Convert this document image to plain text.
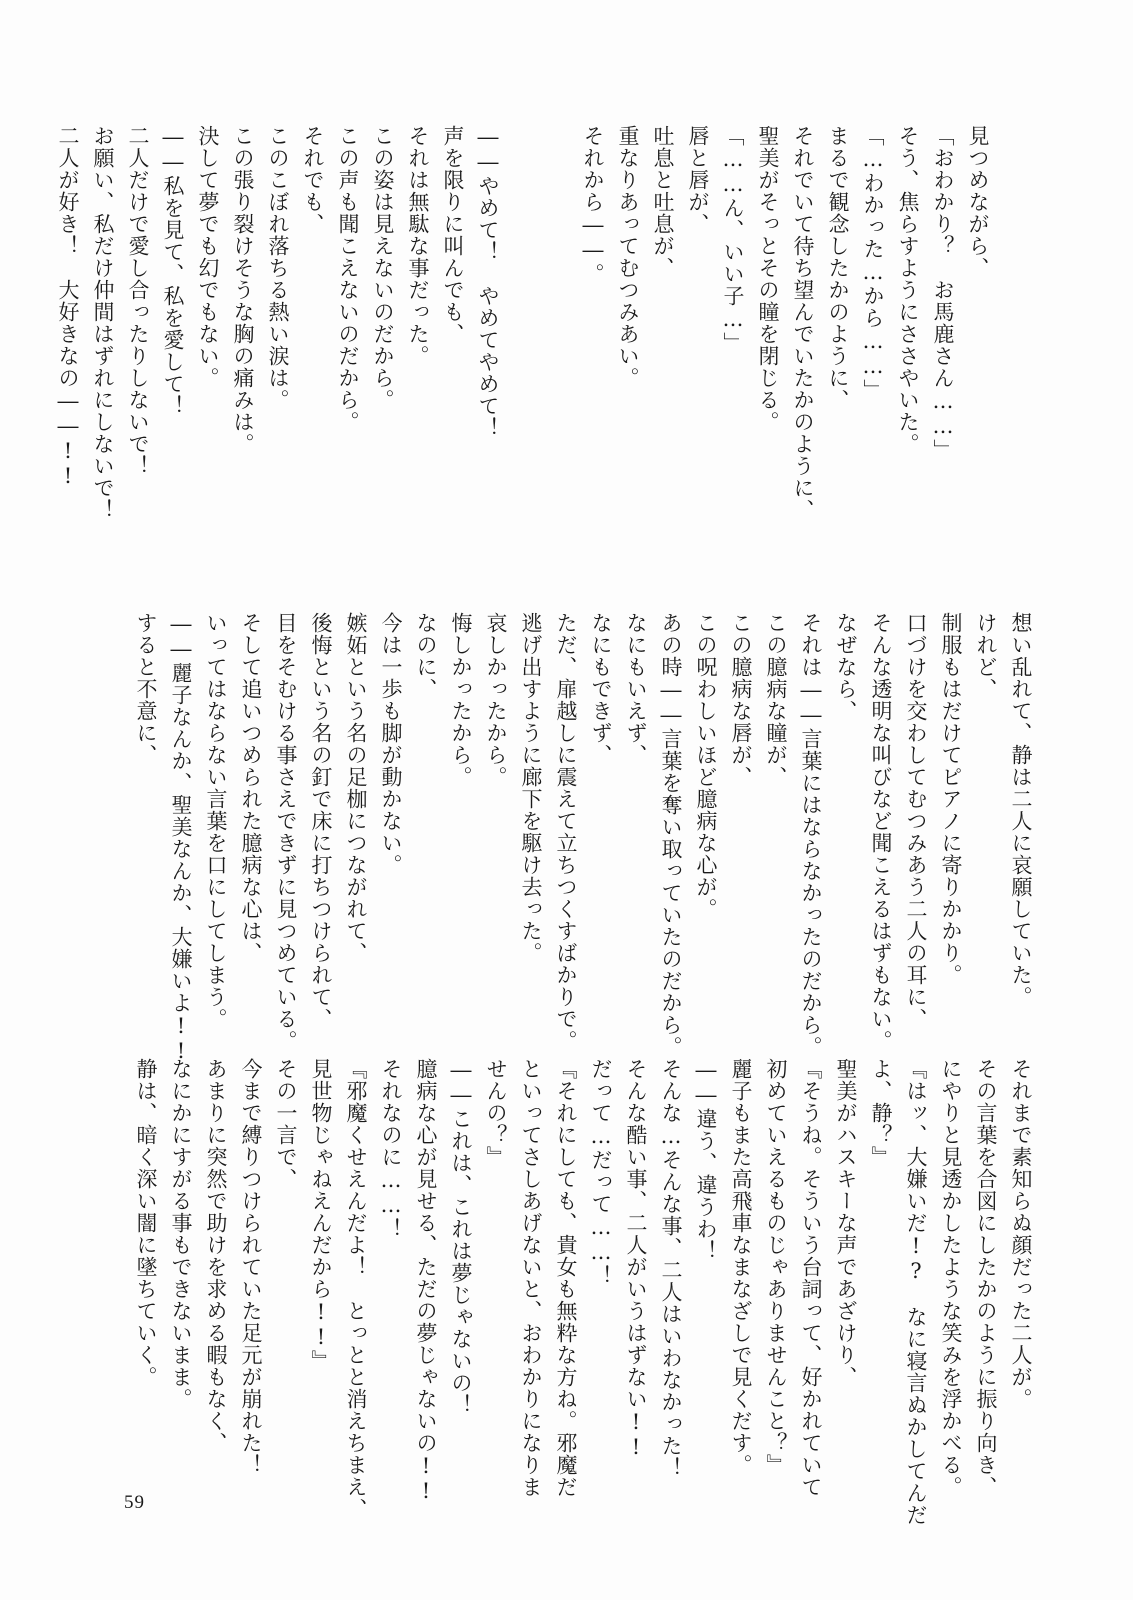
見つめながら、
「おわかり？　お馬鹿さん……」
そう、焦らすようにささやいた。
「…わかった…から……」
まるで観念したかのように、
それでいて待ち望んでいたかのように、
聖美がそっとその瞳を閉じる。
「……ん、いい子…」
唇と唇が、
吐息と吐息が、
重なりあってむつみあい。
それから――。
――やめて！　やめてやめて！
声を限りに叫んでも、
それは無駄な事だった。
この姿は見えないのだから。
この声も聞こえないのだから。
それでも、
このこぼれ落ちる熱い涙は。
この張り裂けそうな胸の痛みは。
決して夢でも幻でもない。
――私を見て、私を愛して！
二人だけで愛し合ったりしないで！
お願い、私だけ仲間はずれにしないで！
二人が好き！　大好きなの――!!
想い乱れて、静は二人に哀願していた。
けれど、
制服もはだけてピアノに寄りかかり。
口づけを交わしてむつみあう二人の耳に、
そんな透明な叫びなど聞こえるはずもない。
なぜなら、
それは――言葉にはならなかったのだから。
この臆病な瞳が、
この臆病な唇が、
この呪わしいほど臆病な心が。
あの時――言葉を奪い取っていたのだから。
なにもいえず、
なにもできず、
ただ、扉越しに震えて立ちつくすばかりで。
逃げ出すように廊下を駆け去った。
哀しかったから。
悔しかったから。
なのに、
今は一歩も脚が動かない。
嫉妬という名の足枷につながれて、
後悔という名の釘で床に打ちつけられて、
目をそむける事さえできずに見つめている。
そして追いつめられた臆病な心は、
いってはならない言葉を口にしてしまう。
――麗子なんか、聖美なんか、大嫌いよ!!
すると不意に、
それまで素知らぬ顔だった二人が。
その言葉を合図にしたかのように振り向き、
にやりと見透かしたような笑みを浮かべる。
『はッ、大嫌いだ!?　なに寝言ぬかしてんだ
よ、静？』
聖美がハスキーな声であざけり、
『そうね。そういう台詞って、好かれていて
初めていえるものじゃありませんこと？』
麗子もまた高飛車なまなざしで見くだす。
――違う、違うわ！
そんな…そんな事、二人はいわなかった！
そんな酷い事、二人がいうはずない!!
だって…だって……！
『それにしても、貴女も無粋な方ね。邪魔だ
といってさしあげないと、おわかりになりま
せんの？』
――これは、これは夢じゃないの！
臆病な心が見せる、ただの夢じゃないの!!
それなのに……！
『邪魔くせえんだよ！　とっとと消えちまえ、
見世物じゃねえんだから!!』
その一言で、
今まで縛りつけられていた足元が崩れた！
あまりに突然で助けを求める暇もなく、
なにかにすがる事もできないまま。
静は、暗く深い闇に墜ちていく。
59
